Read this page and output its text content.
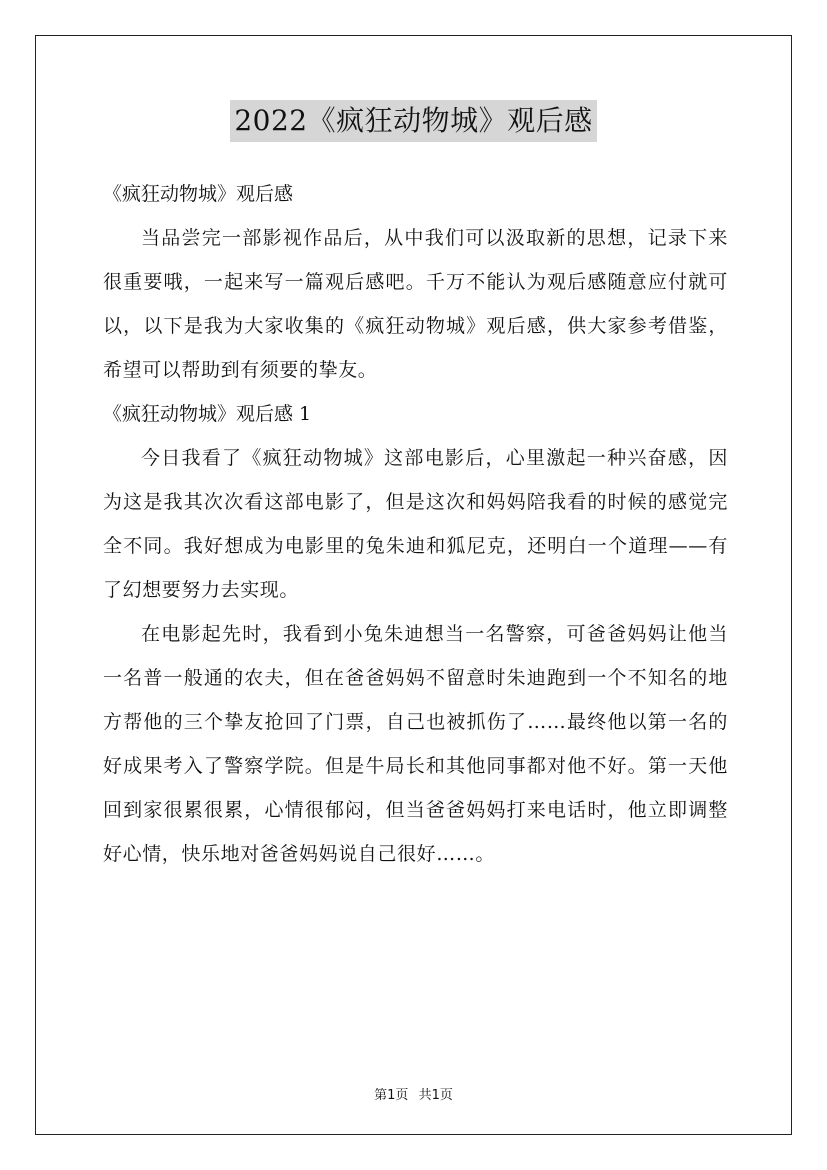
2022《疯狂动物城》观后感

《疯狂动物城》观后感

当品尝完一部影视作品后，从中我们可以汲取新的思想，记录下来很重要哦，一起来写一篇观后感吧。千万不能认为观后感随意应付就可以，以下是我为大家收集的《疯狂动物城》观后感，供大家参考借鉴，希望可以帮助到有须要的挚友。

《疯狂动物城》观后感 1

今日我看了《疯狂动物城》这部电影后，心里激起一种兴奋感，因为这是我其次次看这部电影了，但是这次和妈妈陪我看的时候的感觉完全不同。我好想成为电影里的兔朱迪和狐尼克，还明白一个道理——有了幻想要努力去实现。

在电影起先时，我看到小兔朱迪想当一名警察，可爸爸妈妈让他当一名普一般通的农夫，但在爸爸妈妈不留意时朱迪跑到一个不知名的地方帮他的三个挚友抢回了门票，自己也被抓伤了……最终他以第一名的好成果考入了警察学院。但是牛局长和其他同事都对他不好。第一天他回到家很累很累，心情很郁闷，但当爸爸妈妈打来电话时，他立即调整好心情，快乐地对爸爸妈妈说自己很好……。

第1页 共1页
